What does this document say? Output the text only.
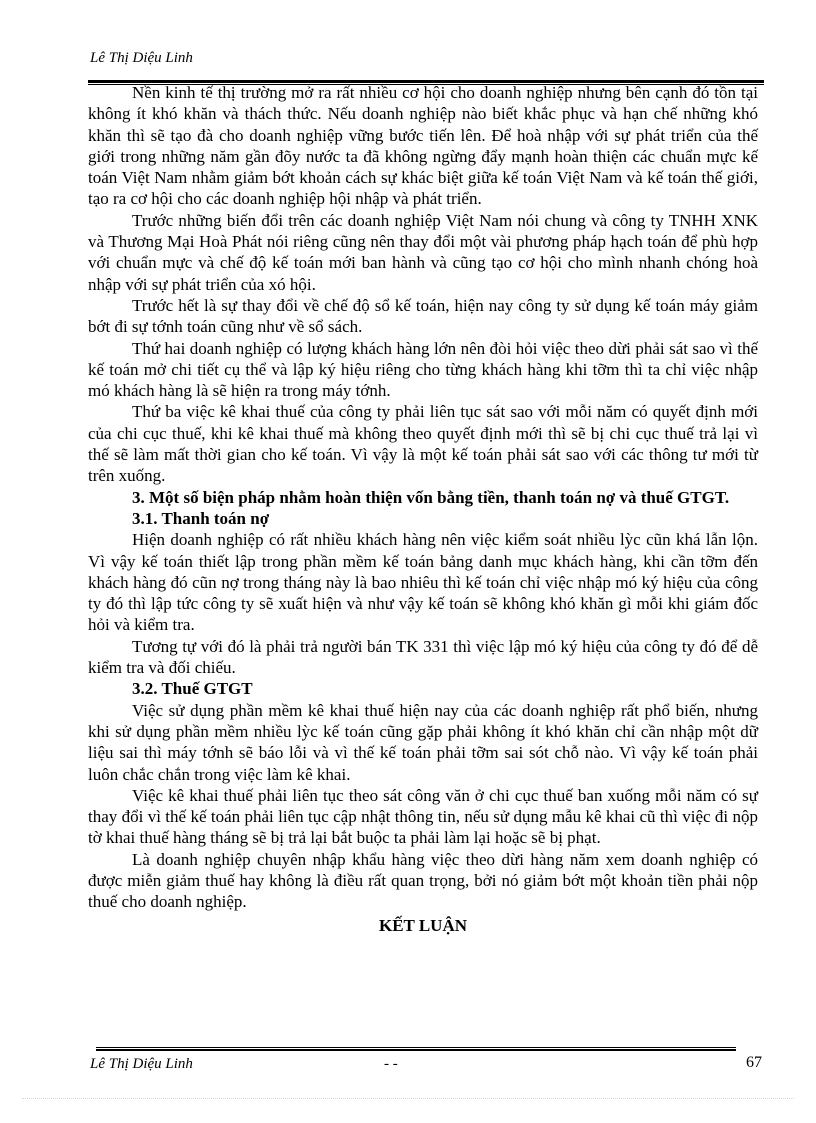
Lê Thị Diệu Linh

Nền kinh tế thị trường mở ra rất nhiều cơ hội cho doanh nghiệp nhưng bên cạnh đó tồn tại không ít khó khăn và thách thức. Nếu doanh nghiệp nào biết khắc phục và hạn chế những khó khăn thì sẽ tạo đà cho doanh nghiệp vững bước tiến lên. Để hoà nhập với sự phát triển của thế giới trong những năm gần đõy nước ta đã không ngừng đẩy mạnh hoàn thiện các chuẩn mực kế toán Việt Nam nhằm giảm bớt khoản cách sự khác biệt giữa kế toán Việt Nam và kế toán thế giới, tạo ra cơ hội cho các doanh nghiệp hội nhập và phát triển.

Trước những biến đổi trên các doanh nghiệp Việt Nam nói chung và công ty TNHH XNK và Thương Mại Hoà Phát nói riêng cũng nên thay đổi một vài phương pháp hạch toán để phù hợp với chuẩn mực và chế độ kế toán mới ban hành và cũng tạo cơ hội cho mình nhanh chóng hoà nhập với sự phát triển của xó hội.

Trước hết là sự thay đổi về chế độ sổ kế toán, hiện nay công ty sử dụng kế toán máy giảm bớt đi sự tớnh toán cũng như về sổ sách.

Thứ hai doanh nghiệp có lượng khách hàng lớn nên đòi hỏi việc theo dừi phải sát sao vì thế kế toán mở chi tiết cụ thể và lập ký hiệu riêng cho từng khách hàng khi tỡm thì ta chỉ việc nhập mó khách hàng là sẽ hiện ra trong máy tớnh.

Thứ ba việc kê khai thuế của công ty phải liên tục sát sao với mỗi năm có quyết định mới của chi cục thuế, khi kê khai thuế mà không theo quyết định mới thì sẽ bị chi cục thuế trả lại vì thế sẽ làm mất thời gian cho kế toán. Vì vậy là một kế toán phải sát sao với các thông tư mới từ trên xuống.

3. Một số biện pháp nhằm hoàn thiện vốn bằng tiền, thanh toán nợ và thuế GTGT.

3.1. Thanh toán nợ

Hiện doanh nghiệp có rất nhiều khách hàng nên việc kiểm soát nhiều lỳc cũn khá lẫn lộn. Vì vậy kế toán thiết lập trong phần mềm kế toán bảng danh mục khách hàng, khi cần tỡm đến khách hàng đó cũn nợ trong tháng này là bao nhiêu thì kế toán chỉ việc nhập mó ký hiệu của công ty đó thì lập tức công ty sẽ xuất hiện và như vậy kế toán sẽ không khó khăn gì mỗi khi giám đốc hỏi và kiểm tra.

Tương tự với đó là phải trả người bán TK 331 thì việc lập mó ký hiệu của công ty đó để dễ kiểm tra và đối chiếu.

3.2. Thuế GTGT

Việc sử dụng phần mềm kê khai thuế hiện nay của các doanh nghiệp rất phổ biến, nhưng khi sử dụng phần mềm nhiều lỳc kế toán cũng gặp phải không ít khó khăn chỉ cần nhập một dữ liệu sai thì máy tớnh sẽ báo lỗi và vì thế kế toán phải tỡm sai sót chỗ nào. Vì vậy kế toán phải luôn chắc chắn trong việc làm kê khai.

Việc kê khai thuế phải liên tục theo sát công văn ở chi cục thuế ban xuống mỗi năm có sự thay đổi vì thế kế toán phải liên tục cập nhật thông tin, nếu sử dụng mẫu kê khai cũ thì việc đi nộp tờ khai thuế hàng tháng sẽ bị trả lại bắt buộc ta phải làm lại hoặc sẽ bị phạt.

Là doanh nghiệp chuyên nhập khẩu hàng việc theo dừi hàng năm xem doanh nghiệp có được miễn giảm thuế hay không là điều rất quan trọng, bởi nó giảm bớt một khoản tiền phải nộp thuế cho doanh nghiệp.

KẾT LUẬN

Lê Thị Diệu Linh	- -	67
